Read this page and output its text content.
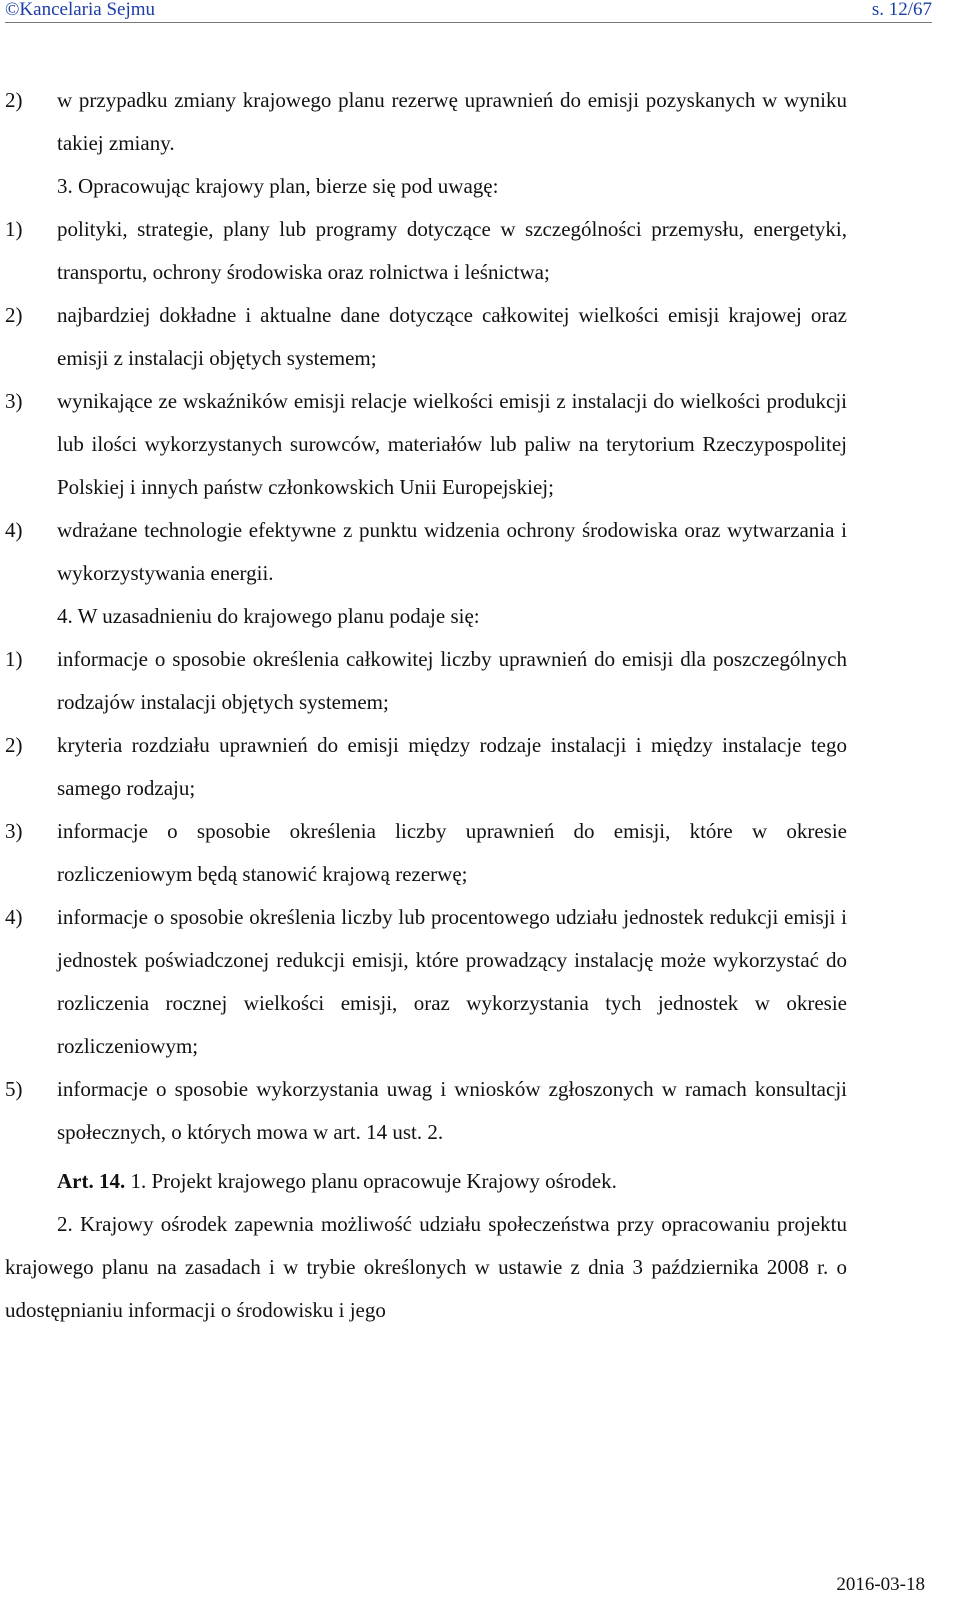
©Kancelaria Sejmu	s. 12/67
2) w przypadku zmiany krajowego planu rezerwę uprawnień do emisji pozyskanych w wyniku takiej zmiany.
3. Opracowując krajowy plan, bierze się pod uwagę:
1) polityki, strategie, plany lub programy dotyczące w szczególności przemysłu, energetyki, transportu, ochrony środowiska oraz rolnictwa i leśnictwa;
2) najbardziej dokładne i aktualne dane dotyczące całkowitej wielkości emisji krajowej oraz emisji z instalacji objętych systemem;
3) wynikające ze wskaźników emisji relacje wielkości emisji z instalacji do wielkości produkcji lub ilości wykorzystanych surowców, materiałów lub paliw na terytorium Rzeczypospolitej Polskiej i innych państw członkowskich Unii Europejskiej;
4) wdrażane technologie efektywne z punktu widzenia ochrony środowiska oraz wytwarzania i wykorzystywania energii.
4. W uzasadnieniu do krajowego planu podaje się:
1) informacje o sposobie określenia całkowitej liczby uprawnień do emisji dla poszczególnych rodzajów instalacji objętych systemem;
2) kryteria rozdziału uprawnień do emisji między rodzaje instalacji i między instalacje tego samego rodzaju;
3) informacje o sposobie określenia liczby uprawnień do emisji, które w okresie rozliczeniowym będą stanowić krajową rezerwę;
4) informacje o sposobie określenia liczby lub procentowego udziału jednostek redukcji emisji i jednostek poświadczonej redukcji emisji, które prowadzący instalację może wykorzystać do rozliczenia rocznej wielkości emisji, oraz wykorzystania tych jednostek w okresie rozliczeniowym;
5) informacje o sposobie wykorzystania uwag i wniosków zgłoszonych w ramach konsultacji społecznych, o których mowa w art. 14 ust. 2.
Art. 14. 1. Projekt krajowego planu opracowuje Krajowy ośrodek.
2. Krajowy ośrodek zapewnia możliwość udziału społeczeństwa przy opracowaniu projektu krajowego planu na zasadach i w trybie określonych w ustawie z dnia 3 października 2008 r. o udostępnianiu informacji o środowisku i jego
2016-03-18
